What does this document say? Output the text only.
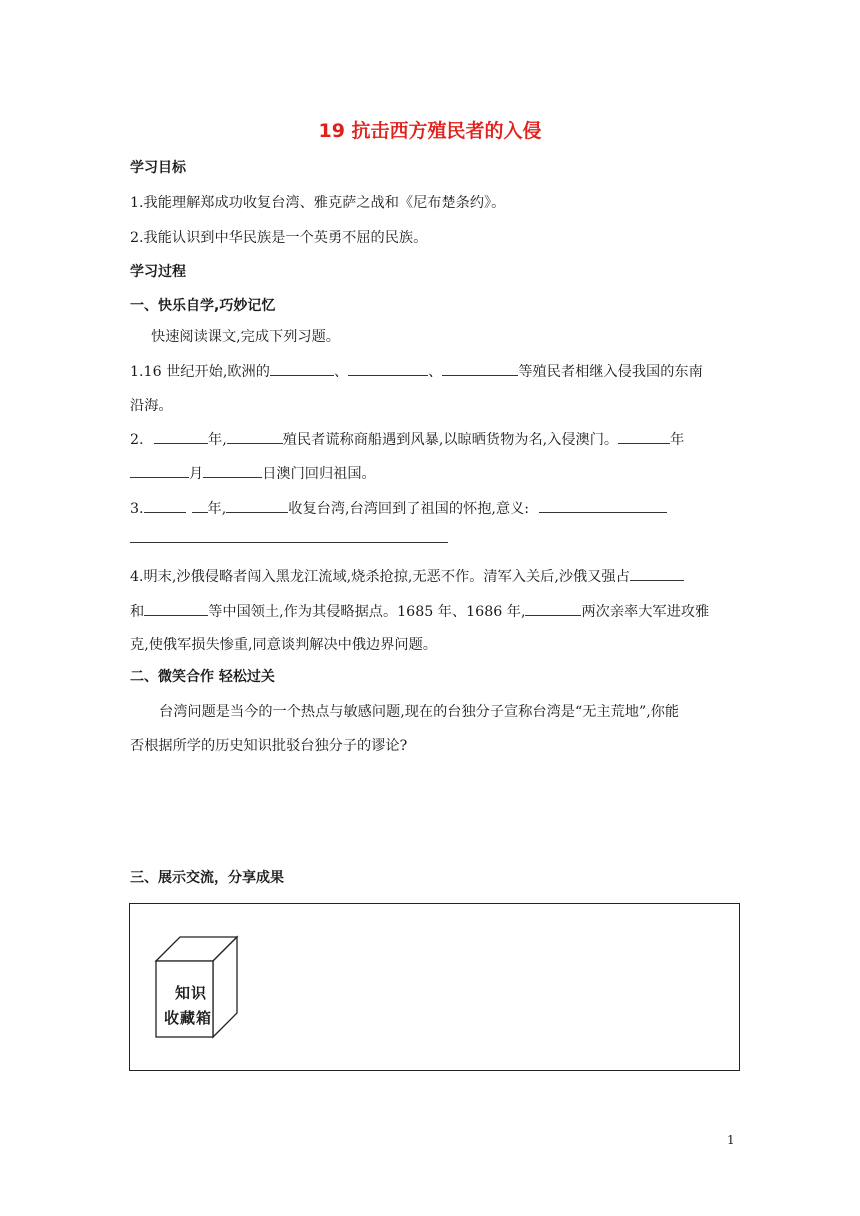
19 抗击西方殖民者的入侵
学习目标
1.我能理解郑成功收复台湾、雅克萨之战和《尼布楚条约》。
2.我能认识到中华民族是一个英勇不屈的民族。
学习过程
一、快乐自学,巧妙记忆
快速阅读课文,完成下列习题。
1.16 世纪开始,欧洲的	、	、	等殖民者相继入侵我国的东南
沿海。
2.	年,	殖民者谎称商船遇到风暴,以晾晒货物为名,入侵澳门。	年
月	日澳门回归祖国。
3.	年,	收复台湾,台湾回到了祖国的怀抱,意义:
4.明末,沙俄侵略者闯入黑龙江流域,烧杀抢掠,无恶不作。清军入关后,沙俄又强占
和	等中国领土,作为其侵略据点。1685 年、1686 年,	两次亲率大军进攻雅
克,使俄军损失惨重,同意谈判解决中俄边界问题。
二、微笑合作 轻松过关
台湾问题是当今的一个热点与敏感问题,现在的台独分子宣称台湾是“无主荒地”,你能
否根据所学的历史知识批驳台独分子的谬论?
三、展示交流，分享成果
知识
收藏箱
1
